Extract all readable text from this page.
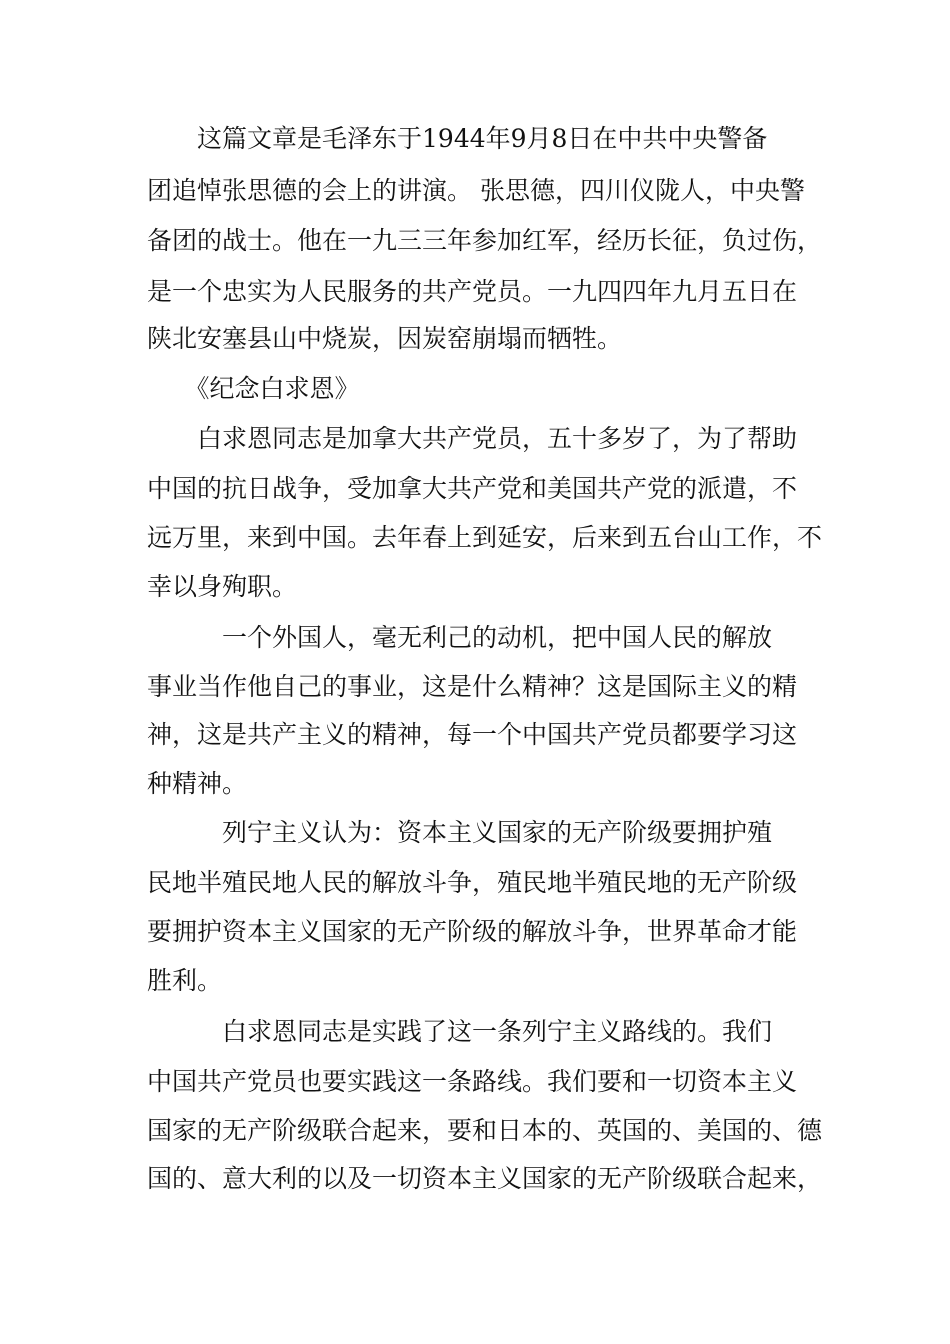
　　这篇文章是毛泽东于1944年9月8日在中共中央警备
团追悼张思德的会上的讲演。 张思德，四川仪陇人，中央警
备团的战士。他在一九三三年参加红军，经历长征，负过伤，
是一个忠实为人民服务的共产党员。一九四四年九月五日在
陕北安塞县山中烧炭，因炭窑崩塌而牺牲。
　　《纪念白求恩》
　　白求恩同志是加拿大共产党员，五十多岁了，为了帮助
中国的抗日战争，受加拿大共产党和美国共产党的派遣，不
远万里，来到中国。去年春上到延安，后来到五台山工作，不
幸以身殉职。
　　　一个外国人，毫无利己的动机，把中国人民的解放
事业当作他自己的事业，这是什么精神？这是国际主义的精
神，这是共产主义的精神，每一个中国共产党员都要学习这
种精神。
　　　列宁主义认为：资本主义国家的无产阶级要拥护殖
民地半殖民地人民的解放斗争，殖民地半殖民地的无产阶级
要拥护资本主义国家的无产阶级的解放斗争，世界革命才能
胜利。
　　　白求恩同志是实践了这一条列宁主义路线的。我们
中国共产党员也要实践这一条路线。我们要和一切资本主义
国家的无产阶级联合起来，要和日本的、英国的、美国的、德
国的、意大利的以及一切资本主义国家的无产阶级联合起来，
